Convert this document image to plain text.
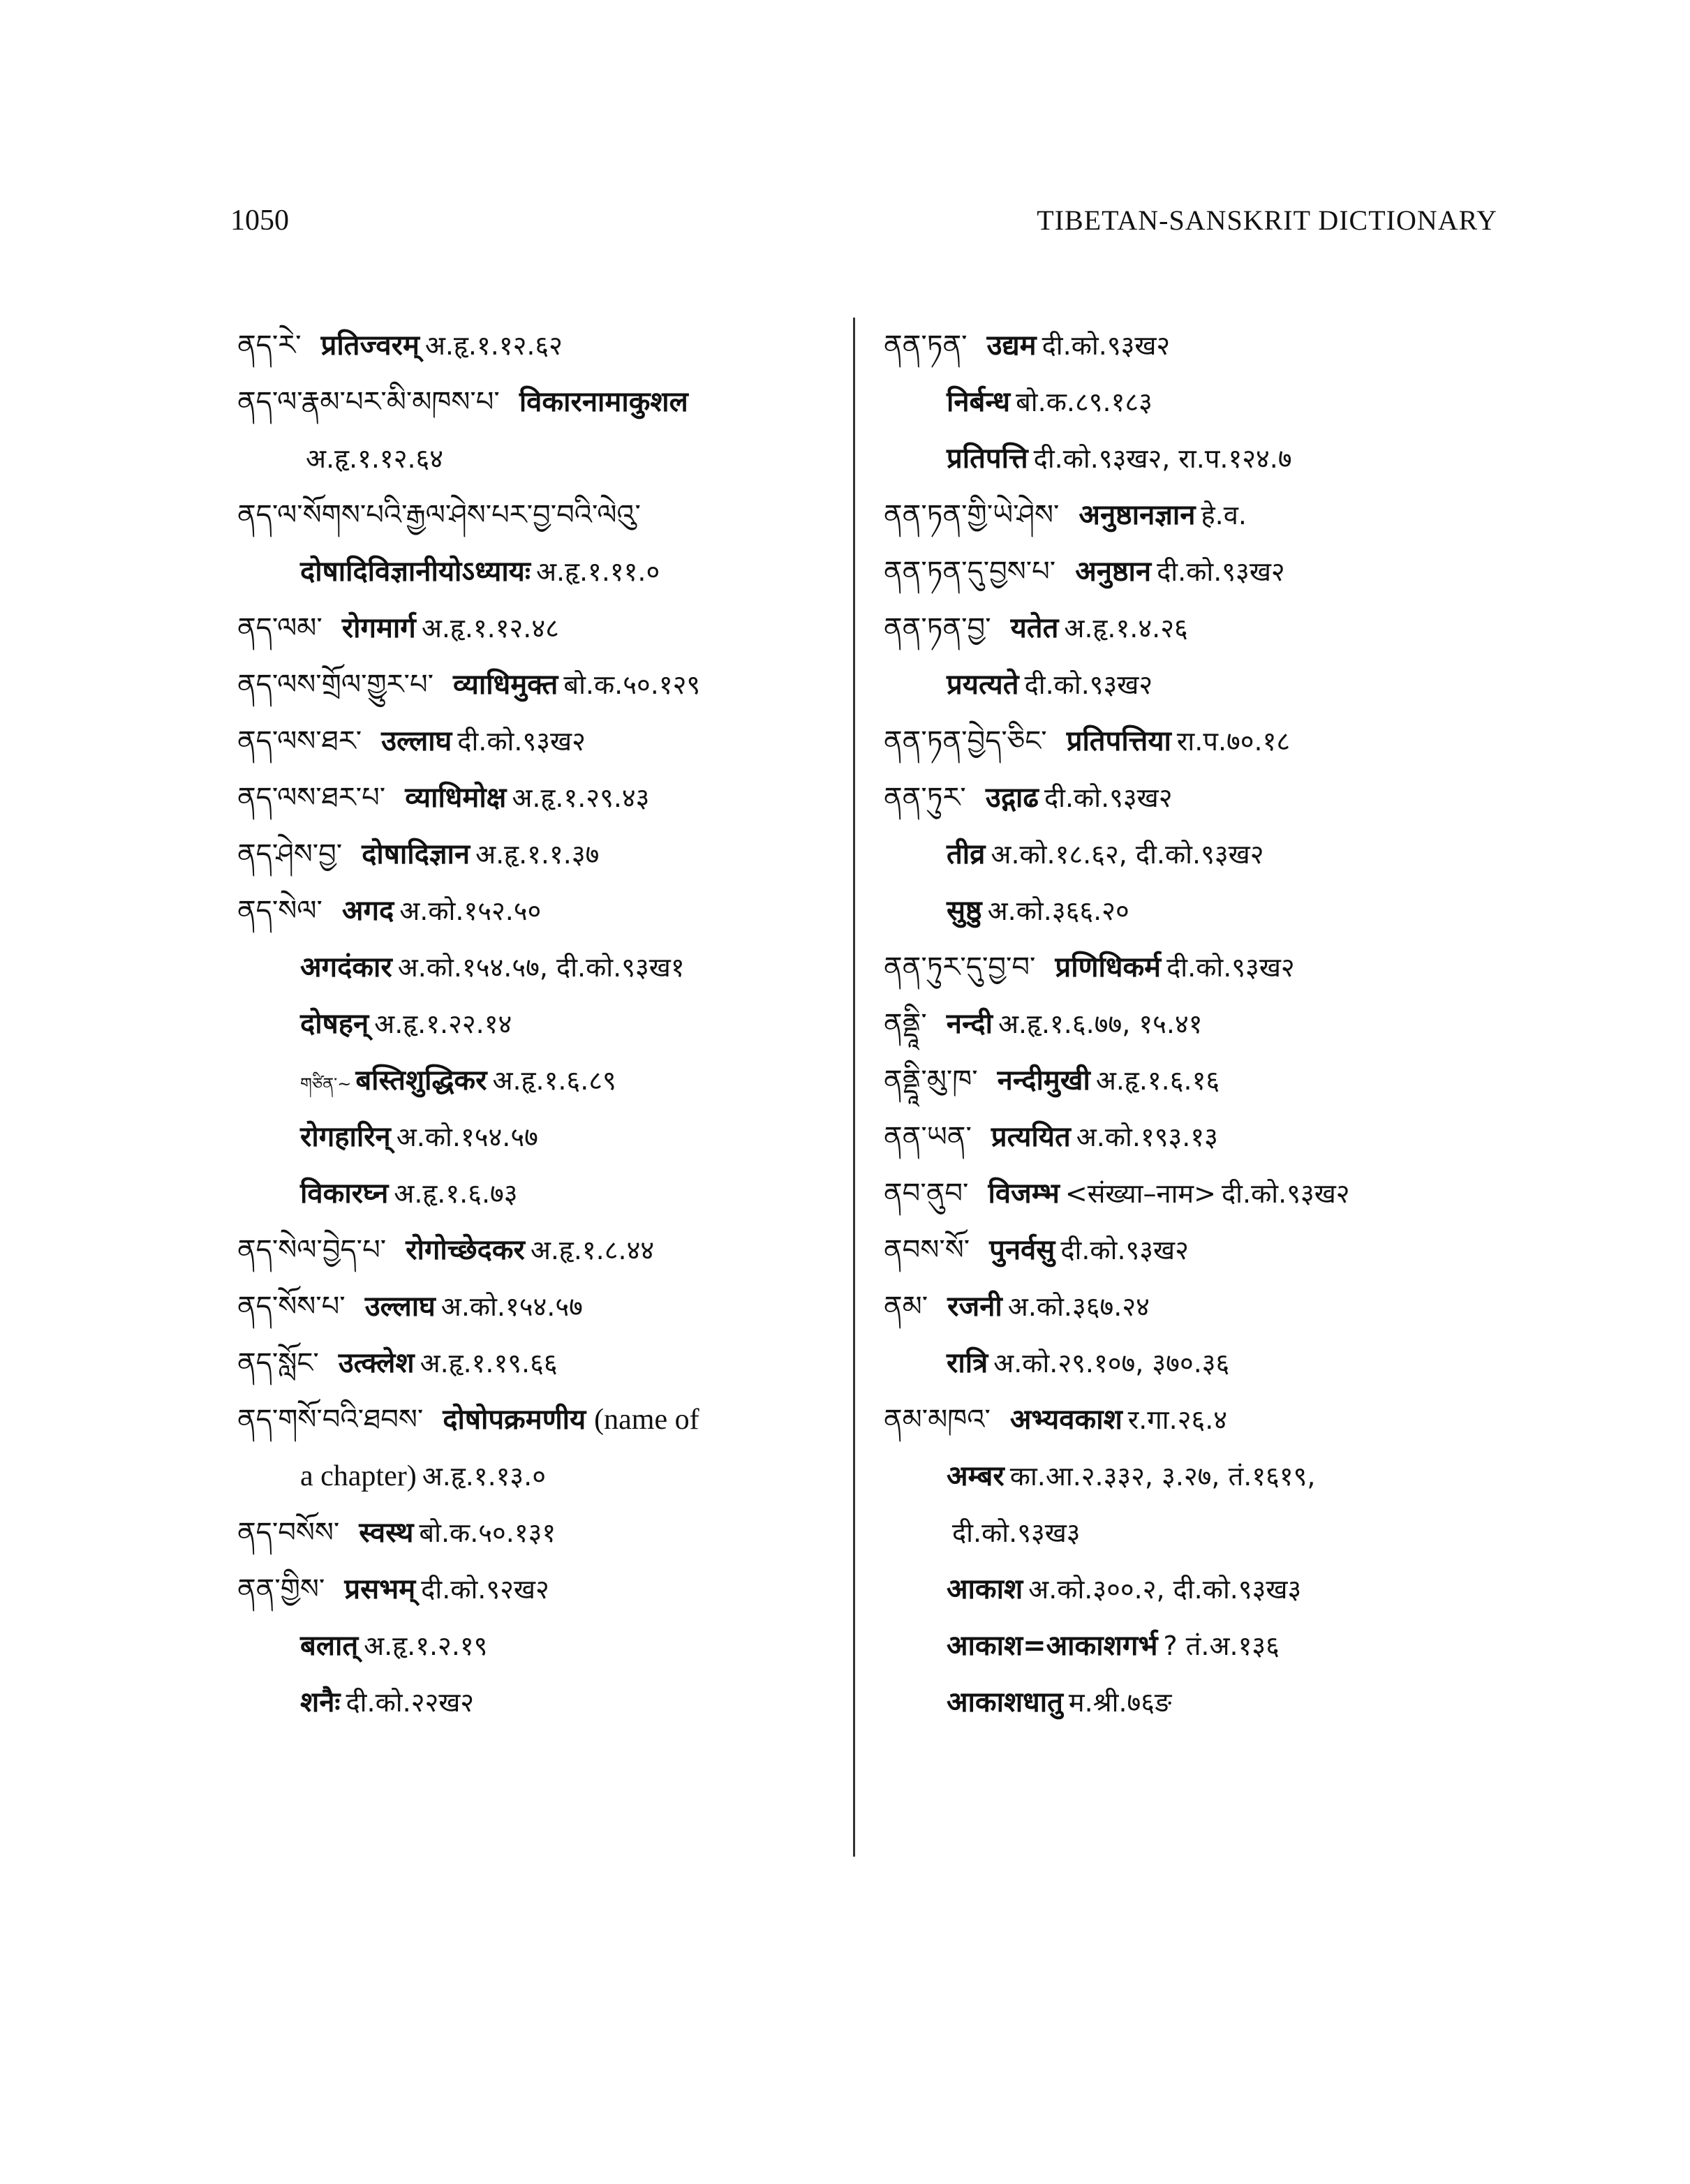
1050	TIBETAN-SANSKRIT DICTIONARY
ནད་རེ་ प्रतिज्वरम् अ.हृ.१.१२.६२
ནད་ལ་རྣམ་པར་མི་མཁས་པ་ विकारनामाकुशल
अ.हृ.१.१२.६४
ནད་ལ་སོགས་པའི་རྒྱལ་ཤེས་པར་བྱ་བའི་ལེའུ་
दोषादिविज्ञानीयोऽध्यायः अ.हृ.१.११.०
ནད་ལམ་ रोगमार्ग अ.हृ.१.१२.४८
ནད་ལས་གྲོལ་གྱུར་པ་ व्याधिमुक्त बो.क.५०.१२९
ནད་ལས་ཐར་ उल्लाघ दी.को.९३ख२
ནད་ལས་ཐར་པ་ व्याधिमोक्ष अ.हृ.१.२९.४३
ནད་ཤེས་བྱ་ दोषादिज्ञान अ.हृ.१.१.३७
ནད་སེལ་ अगद अ.को.१५२.५०
अगदंकार अ.को.१५४.५७, दी.को.९३ख१
दोषहन् अ.हृ.१.२२.१४
གཙིན་~ बस्तिशुद्धिकर अ.हृ.१.६.८९
रोगहारिन् अ.को.१५४.५७
विकारघ्न अ.हृ.१.६.७३
ནད་སེལ་བྱེད་པ་ रोगोच्छेदकर अ.हृ.१.८.४४
ནད་སོས་པ་ उल्लाघ अ.को.१५४.५७
ནད་སློང་ उत्क्लेश अ.हृ.१.१९.६६
ནད་གསོ་བའི་ཐབས་ दोषोपक्रमणीय (name of
a chapter) अ.हृ.१.१३.०
ནད་བསོས་ स्वस्थ बो.क.५०.१३१
ནན་གྱིས་ प्रसभम् दी.को.९२ख२
बलात् अ.हृ.१.२.१९
शनैः दी.को.२२ख२
ནན་ཏན་ उद्यम दी.को.९३ख२
निर्बन्ध बो.क.८९.१८३
प्रतिपत्ति दी.को.९३ख२, रा.प.१२४.७
ནན་ཏན་གྱི་ཡེ་ཤེས་ अनुष्ठानज्ञान हे.व.
ནན་ཏན་དུ་བྱས་པ་ अनुष्ठान दी.को.९३ख२
ནན་ཏན་བྱ་ यतेत अ.हृ.१.४.२६
प्रयत्यते दी.को.९३ख२
ནན་ཏན་བྱེད་ཅིང་ प्रतिपत्तिया रा.प.७०.१८
ནན་ཏུར་ उद्गाढ दी.को.९३ख२
तीव्र अ.को.१८.६२, दी.को.९३ख२
सुष्ठु अ.को.३६६.२०
ནན་ཏུར་དུ་བྱ་བ་ प्रणिधिकर्म दी.को.९३ख२
ནནྡཱི་ नन्दी अ.हृ.१.६.७७, १५.४१
ནནྡཱི་མུ་ཁ་ नन्दीमुखी अ.हृ.१.६.१६
ནན་ཡན་ प्रत्ययित अ.को.१९३.१३
ནབ་ནུབ་ विजम्भ <संख्या–नाम> दी.को.९३ख२
ནབས་སོ་ पुनर्वसु दी.को.९३ख२
ནམ་ रजनी अ.को.३६७.२४
रात्रि अ.को.२९.१०७, ३७०.३६
ནམ་མཁའ་ अभ्यवकाश र.गा.२६.४
अम्बर का.आ.२.३३२, ३.२७, तं.१६१९,
दी.को.९३ख३
आकाश अ.को.३००.२, दी.को.९३ख३
आकाश=आकाशगर्भ ? तं.अ.१३६
आकाशधातु म.श्री.७६ङ
